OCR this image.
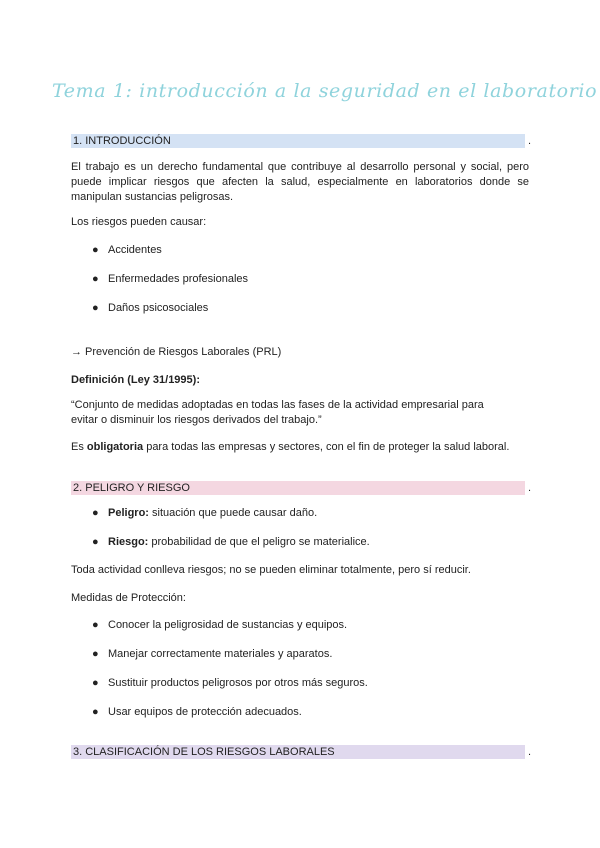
Tema 1: introducción a la seguridad en el laboratorio
1. INTRODUCCIÓN	.
El trabajo es un derecho fundamental que contribuye al desarrollo personal y social, pero puede implicar riesgos que afecten la salud, especialmente en laboratorios donde se manipulan sustancias peligrosas.
Los riesgos pueden causar:
● Accidentes
● Enfermedades profesionales
● Daños psicosociales
→ Prevención de Riesgos Laborales (PRL)
Definición (Ley 31/1995):
“Conjunto de medidas adoptadas en todas las fases de la actividad empresarial para evitar o disminuir los riesgos derivados del trabajo.”
Es obligatoria para todas las empresas y sectores, con el fin de proteger la salud laboral.
2. PELIGRO Y RIESGO	.
● Peligro: situación que puede causar daño.
● Riesgo: probabilidad de que el peligro se materialice.
Toda actividad conlleva riesgos; no se pueden eliminar totalmente, pero sí reducir.
Medidas de Protección:
● Conocer la peligrosidad de sustancias y equipos.
● Manejar correctamente materiales y aparatos.
● Sustituir productos peligrosos por otros más seguros.
● Usar equipos de protección adecuados.
3. CLASIFICACIÓN DE LOS RIESGOS LABORALES	.
